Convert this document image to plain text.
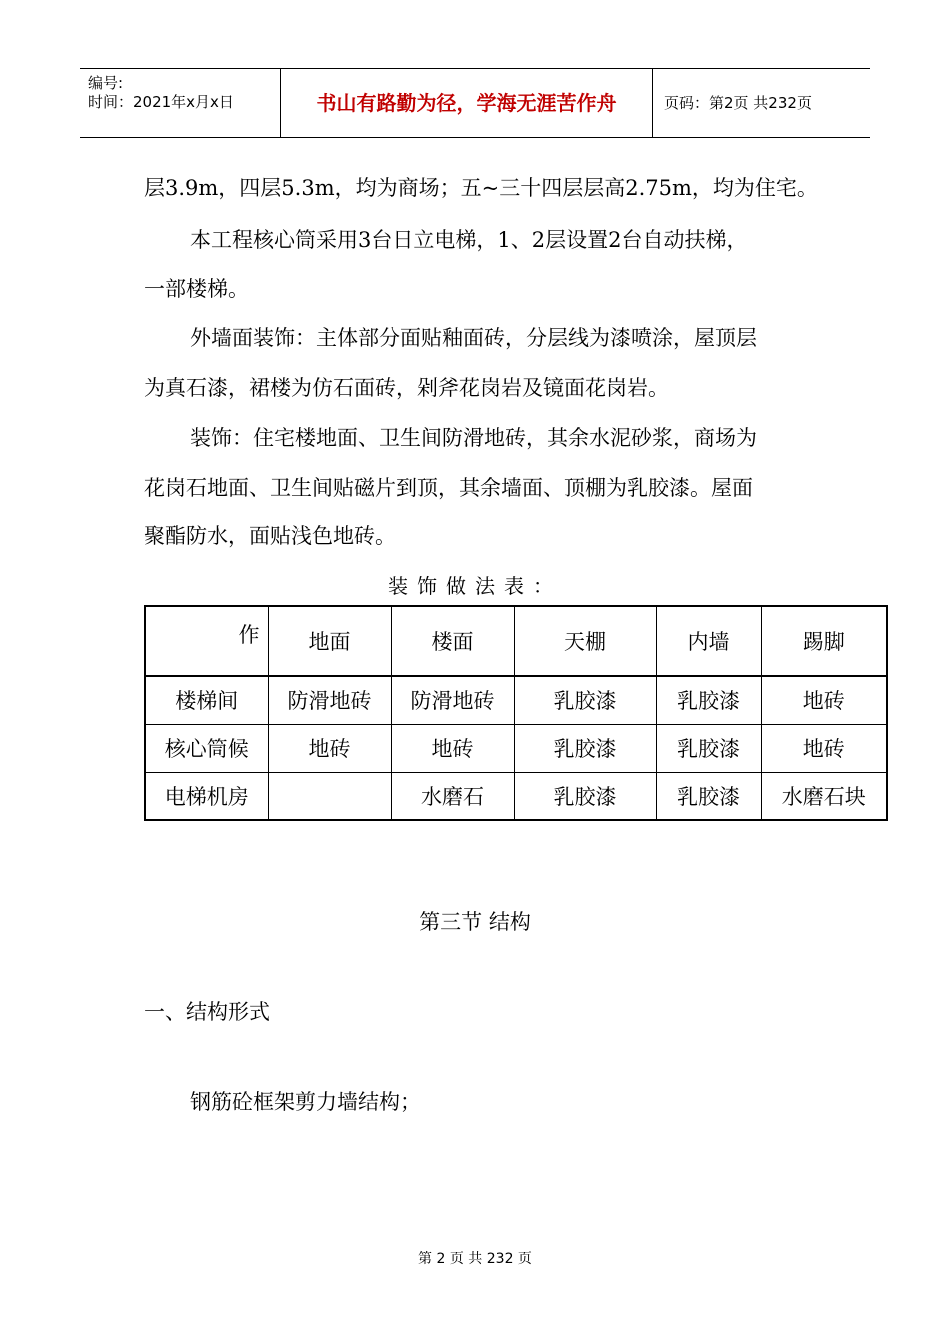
编号:
时间：2021年x月x日	书山有路勤为径，学海无涯苦作舟	页码：第2页 共232页
层3.9m，四层5.3m，均为商场；五~三十四层层高2.75m，均为住宅。
本工程核心筒采用3台日立电梯，1、2层设置2台自动扶梯，
一部楼梯。
外墙面装饰：主体部分面贴釉面砖，分层线为漆喷涂，屋顶层
为真石漆，裙楼为仿石面砖，剁斧花岗岩及镜面花岗岩。
装饰：住宅楼地面、卫生间防滑地砖，其余水泥砂浆，商场为
花岗石地面、卫生间贴磁片到顶，其余墙面、顶棚为乳胶漆。屋面
聚酯防水，面贴浅色地砖。
装饰做法表：
作	地面	楼面	天棚	内墙	踢脚
楼梯间	防滑地砖	防滑地砖	乳胶漆	乳胶漆	地砖
核心筒候	地砖	地砖	乳胶漆	乳胶漆	地砖
电梯机房		水磨石	乳胶漆	乳胶漆	水磨石块
第三节 结构
一、结构形式
钢筋砼框架剪力墙结构；
第 2 页 共 232 页
